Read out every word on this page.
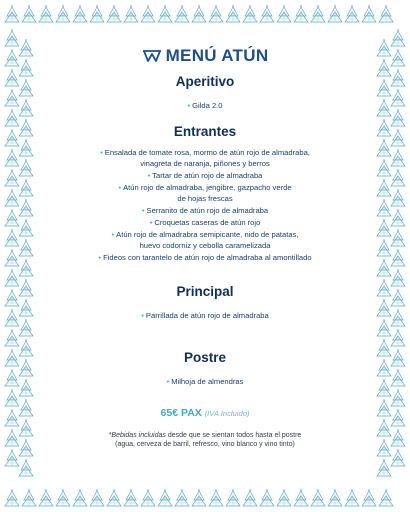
MENÚ ATÚN
Aperitivo
• Gilda 2.0
Entrantes
• Ensalada de tomate rosa, mormo de atún rojo de almadraba,
vinagreta de naranja, piñones y berros
• Tartar de atún rojo de almadraba
• Atún rojo de almadraba, jengibre, gazpacho verde
de hojas frescas
• Serranito de atún rojo de almadraba
• Croquetas caseras de atún rojo
• Atún rojo de almadrabra semipicante, nido de patatas,
huevo codorniz y cebolla caramelizada
• Fideos con tarantelo de atún rojo de almadraba al amontillado
Principal
• Parrillada de atún rojo de almadraba
Postre
• Milhoja de almendras
65€ PAX (IVA Incluido)
*Bebidas incluidas desde que se sientan todos hasta el postre
(agua, cerveza de barril, refresco, vino blanco y vino tinto)
